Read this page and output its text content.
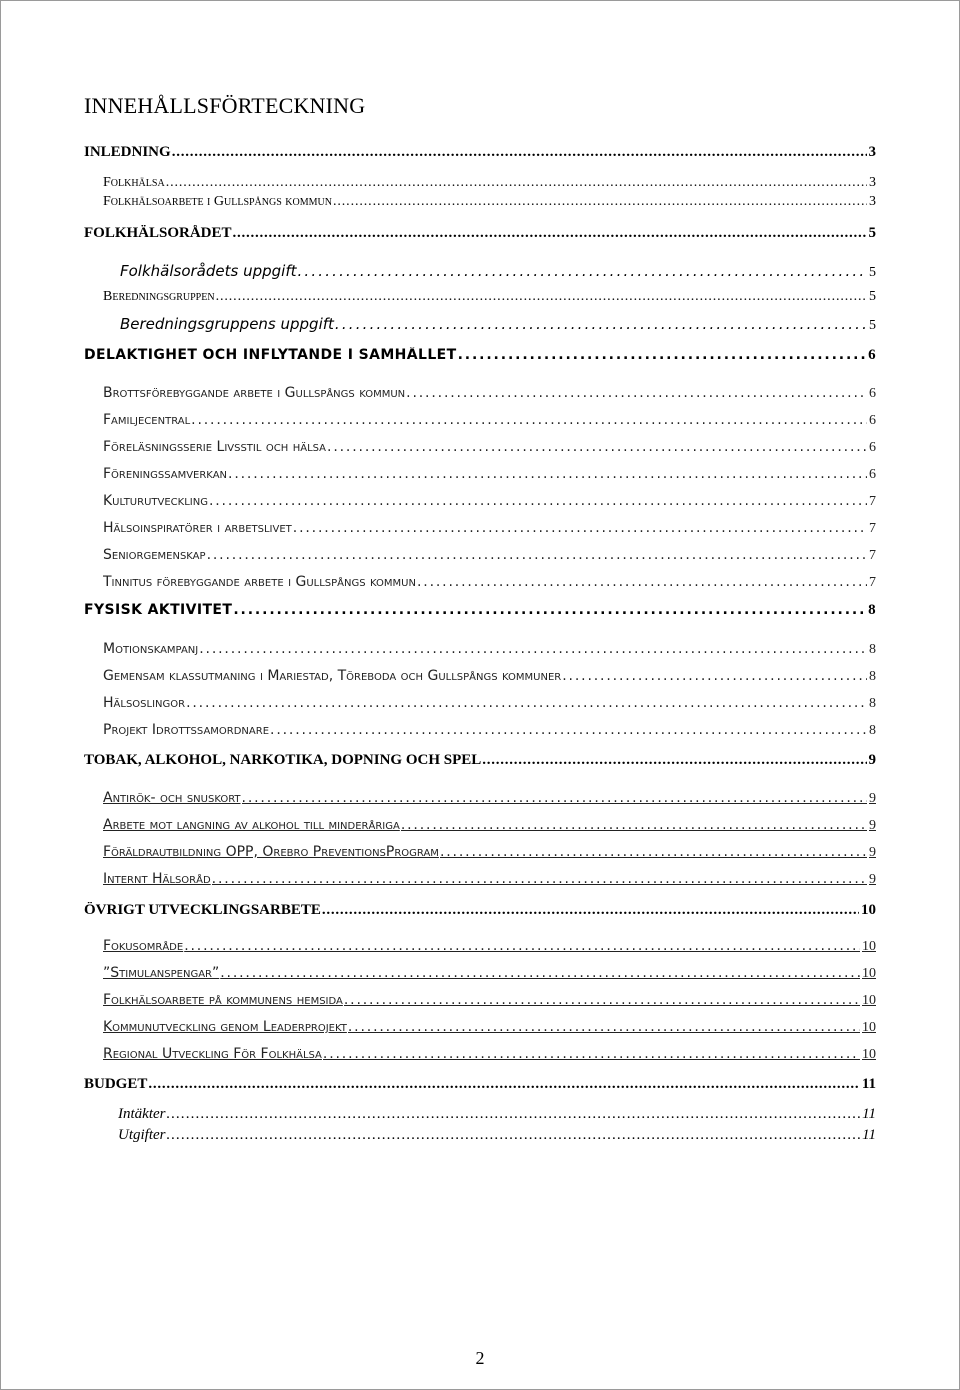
INNEHÅLLSFÖRTECKNING
INLEDNING . . .	3
Folkhälsa . . .	3
Folkhälsoarbete i Gullspångs kommun . . .	3
FOLKHÄLSORÅDET . . .	5
Folkhälsorådets uppgift . . .	5
Beredningsgruppen . . .	5
Beredningsgruppens uppgift . . .	5
DELAKTIGHET OCH INFLYTANDE I SAMHÄLLET . . .	6
Brottsförebyggande arbete i Gullspångs kommun . . .	6
Familjecentral . . .	6
Föreläsningsserie Livsstil och hälsa . . .	6
Föreningssamverkan . . .	6
Kulturutveckling . . .	7
Hälsoinspiratörer i arbetslivet . . .	7
Seniorgemenskap . . .	7
Tinnitus förebyggande arbete i Gullspångs kommun . . .	7
FYSISK AKTIVITET . . .	8
Motionskampanj . . .	8
Gemensam klassutmaning i Mariestad, Töreboda och Gullspångs kommuner . . .	8
Hälsoslingor . . .	8
Projekt Idrottssamordnare . . .	8
TOBAK, ALKOHOL, NARKOTIKA, DOPNING OCH SPEL . . .	9
Antirök- och snuskort . . .	9
Arbete mot langning av alkohol till minderåriga . . .	9
Föräldrautbildning ÖPP, Örebro PreventionsProgram . . .	9
Internt Hälsoråd . . .	9
ÖVRIGT UTVECKLINGSARBETE . . .	10
Fokusområde . . .	10
”Stimulanspengar” . . .	10
Folkhälsoarbete på kommunens hemsida . . .	10
Kommunutveckling genom Leaderprojekt . . .	10
Regional Utveckling För Folkhälsa . . .	10
BUDGET . . .	11
Intäkter . . .	11
Utgifter . . .	11
2
